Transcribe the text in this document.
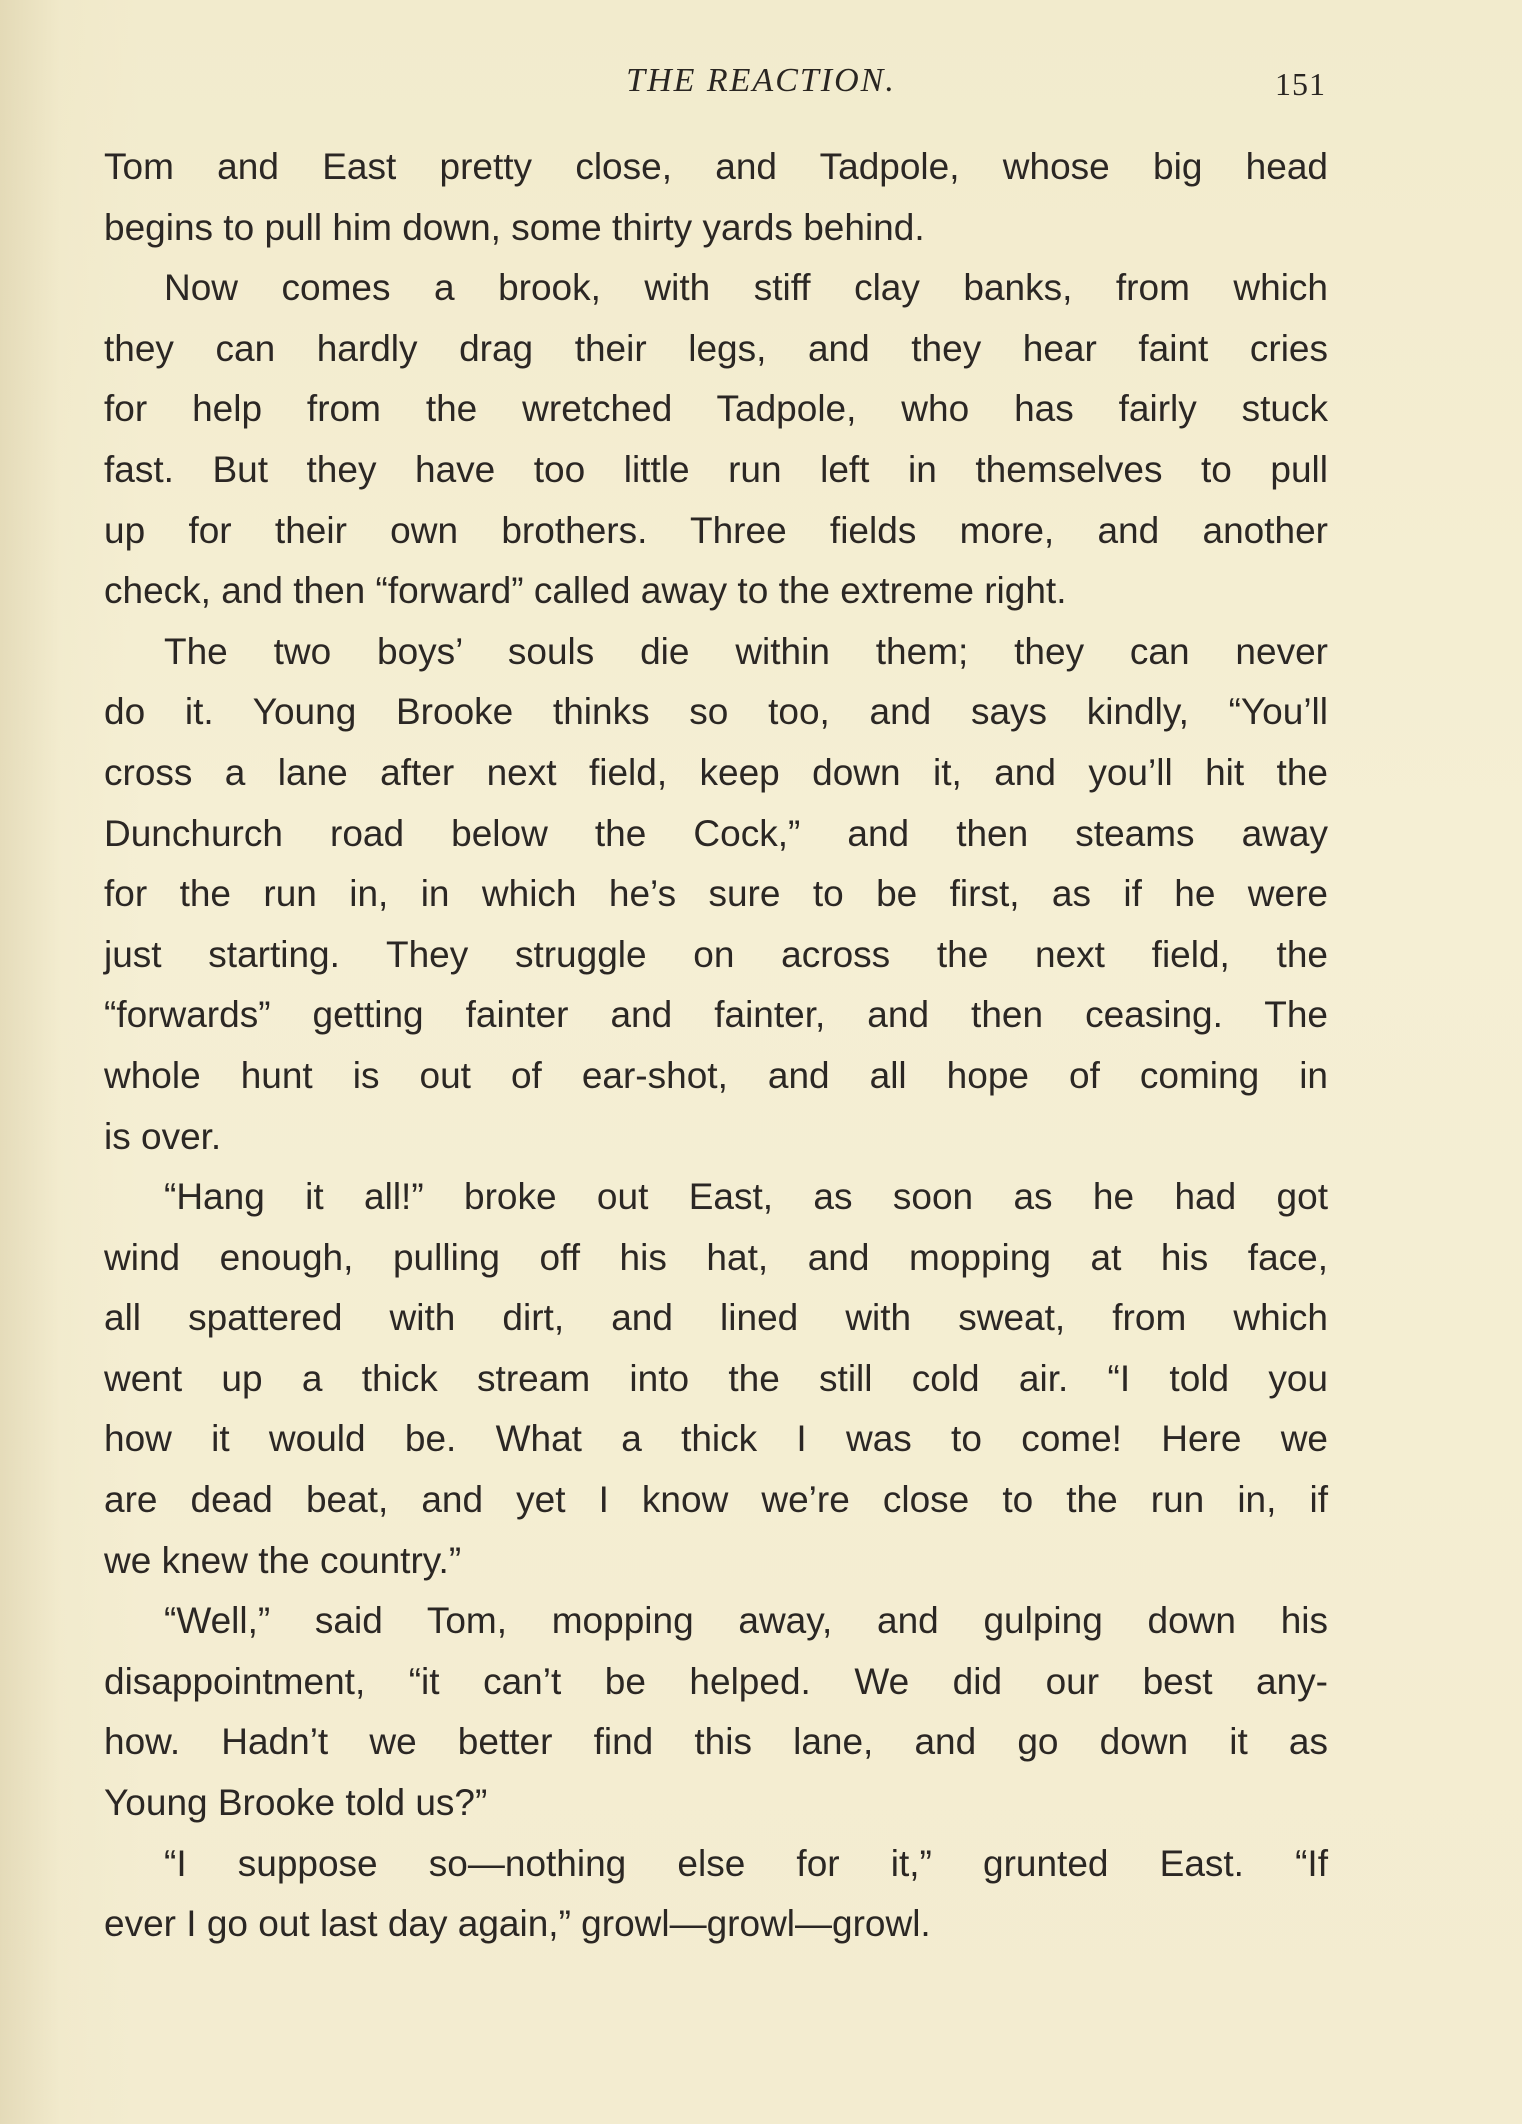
THE REACTION.	151
Tom and East pretty close, and Tadpole, whose big head
begins to pull him down, some thirty yards behind.
Now comes a brook, with stiff clay banks, from which
they can hardly drag their legs, and they hear faint cries
for help from the wretched Tadpole, who has fairly stuck
fast. But they have too little run left in themselves to pull
up for their own brothers. Three fields more, and another
check, and then “forward” called away to the extreme right.
The two boys’ souls die within them; they can never
do it. Young Brooke thinks so too, and says kindly, “You’ll
cross a lane after next field, keep down it, and you’ll hit the
Dunchurch road below the Cock,” and then steams away
for the run in, in which he’s sure to be first, as if he were
just starting. They struggle on across the next field, the
“forwards” getting fainter and fainter, and then ceasing. The
whole hunt is out of ear-shot, and all hope of coming in
is over.
“Hang it all!” broke out East, as soon as he had got
wind enough, pulling off his hat, and mopping at his face,
all spattered with dirt, and lined with sweat, from which
went up a thick stream into the still cold air. “I told you
how it would be. What a thick I was to come! Here we
are dead beat, and yet I know we’re close to the run in, if
we knew the country.”
“Well,” said Tom, mopping away, and gulping down his
disappointment, “it can’t be helped. We did our best any-
how. Hadn’t we better find this lane, and go down it as
Young Brooke told us?”
“I suppose so—nothing else for it,” grunted East. “If
ever I go out last day again,” growl—growl—growl.
